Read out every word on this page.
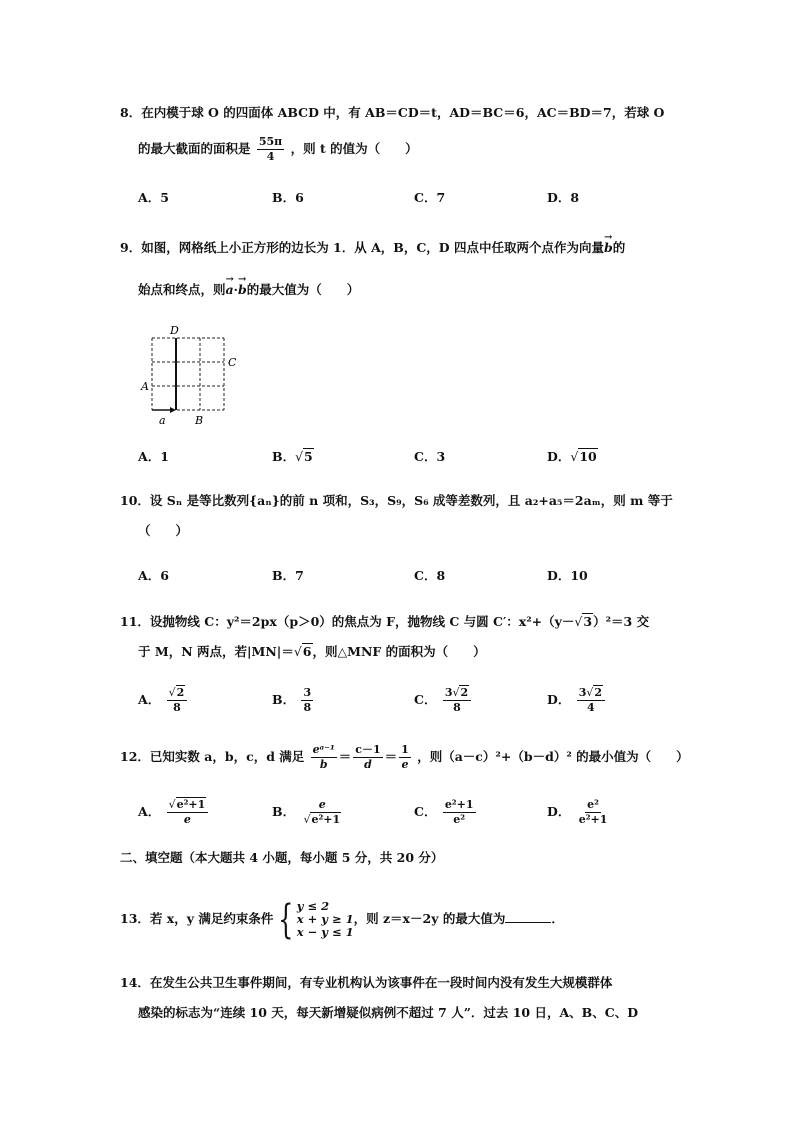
8．在内模于球 O 的四面体 ABCD 中，有 AB＝CD＝t，AD＝BC＝6，AC＝BD＝7，若球 O
的最大截面的面积是 $\frac{55\pi}{4}$ ，则 t 的值为（　　）
A．5	B．6	C．7	D．8
9．如图，网格纸上小正方形的边长为 1．从 A，B，C，D 四点中任取两个点作为向量
→
b的
始点和终点，则
→
a·
→
b的最大值为（　　）
D
C
A
a	B
A．1	B．√5	C．3	D．√10
10．设 Sₙ 是等比数列{aₙ}的前 n 项和，S₃，S₉，S₆ 成等差数列，且 a₂+a₅＝2aₘ，则 m 等于
（　　）
A．6	B．7	C．8	D．10
11．设抛物线 C：y²＝2px（p＞0）的焦点为 F，抛物线 C 与圆 C′：x²+（y－√3）²＝3 交
于 M，N 两点，若|MN|＝√6，则△MNF 的面积为（　　）
A． $\frac{√2}{8}$	B． $\frac{3}{8}$	C． $\frac{3√2}{8}$	D． $\frac{3√2}{4}$
12．已知实数 a，b，c，d 满足 $\frac{\text{eᵃ⁻¹}}{b} = \frac{c-1}{d} = \frac{1}{e}$ ，则（a－c）²+（b－d）² 的最小值为（　　）
A． $\frac{\text{√e²+1}}{e}$	B． $\frac{e}{\text{√e²+1}}$	C． $\frac{\text{e²+1}}{\text{e²}}$	D． $\frac{\text{e²}}{\text{e²+1}}$
二、填空题（本大题共 4 小题，每小题 5 分，共 20 分）
13．若 x，y 满足约束条件 { y ≤ 2
x + y ≥ 1
x − y ≤ 1
，则 z＝x－2y 的最大值为	．
14．在发生公共卫生事件期间，有专业机构认为该事件在一段时间内没有发生大规模群体
感染的标志为“连续 10 天，每天新增疑似病例不超过 7 人”．过去 10 日，A、B、C、D
